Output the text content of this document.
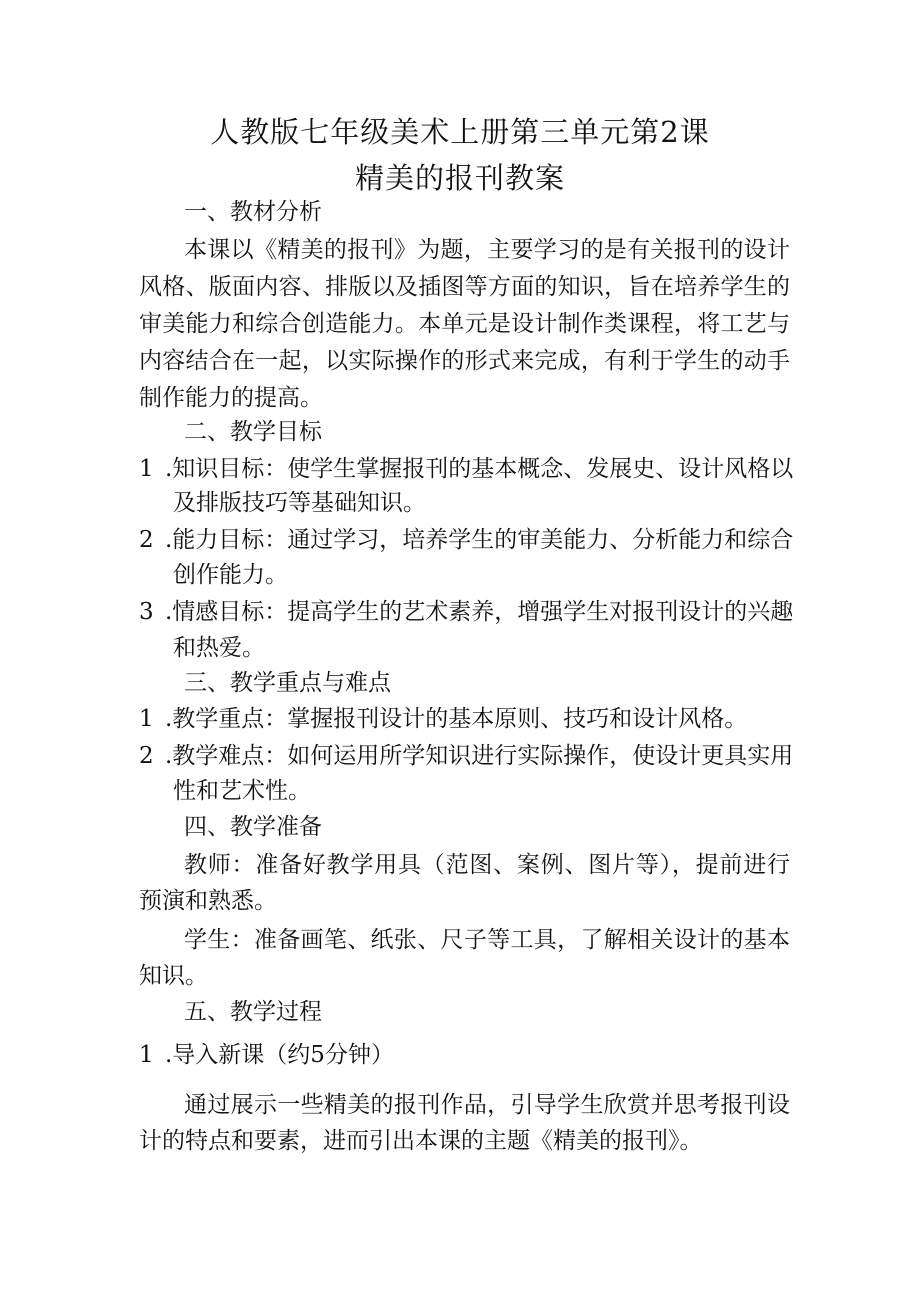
人教版七年级美术上册第三单元第2课
精美的报刊教案
一、教材分析
本课以《精美的报刊》为题，主要学习的是有关报刊的设计
风格、版面内容、排版以及插图等方面的知识，旨在培养学生的
审美能力和综合创造能力。本单元是设计制作类课程，将工艺与
内容结合在一起，以实际操作的形式来完成，有利于学生的动手
制作能力的提高。
二、教学目标
1 .知识目标：使学生掌握报刊的基本概念、发展史、设计风格以
及排版技巧等基础知识。
2 .能力目标：通过学习，培养学生的审美能力、分析能力和综合
创作能力。
3 .情感目标：提高学生的艺术素养，增强学生对报刊设计的兴趣
和热爱。
三、教学重点与难点
1 .教学重点：掌握报刊设计的基本原则、技巧和设计风格。
2 .教学难点：如何运用所学知识进行实际操作，使设计更具实用
性和艺术性。
四、教学准备
教师：准备好教学用具（范图、案例、图片等），提前进行
预演和熟悉。
学生：准备画笔、纸张、尺子等工具，了解相关设计的基本
知识。
五、教学过程
1 .导入新课（约5分钟）
通过展示一些精美的报刊作品，引导学生欣赏并思考报刊设
计的特点和要素，进而引出本课的主题《精美的报刊》。
